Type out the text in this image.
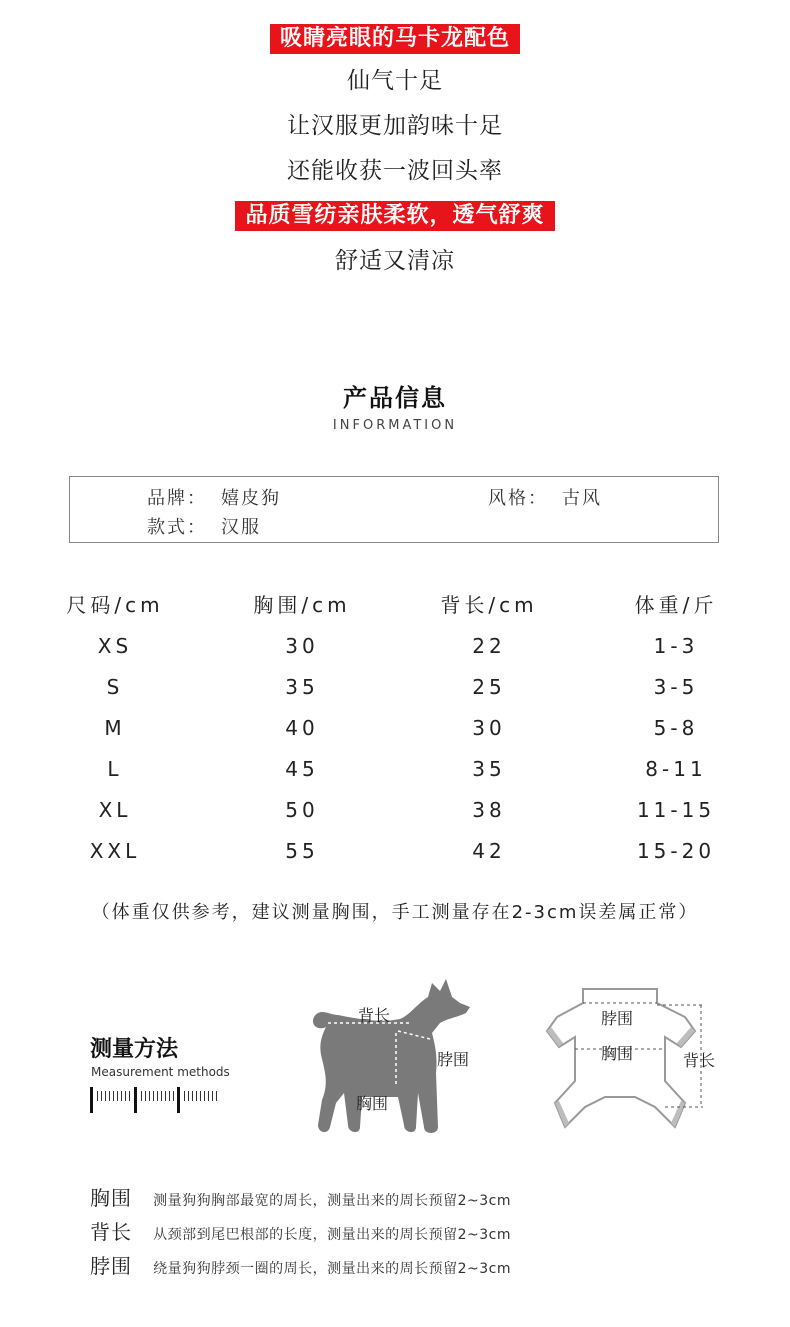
吸睛亮眼的马卡龙配色
仙气十足
让汉服更加韵味十足
还能收获一波回头率
品质雪纺亲肤柔软，透气舒爽
舒适又清凉
产品信息
INFORMATION
品牌： 嬉皮狗	风格： 古风
款式： 汉服
尺码/cm	胸围/cm	背长/cm	体重/斤
XS	30	22	1-3
S	35	25	3-5
M	40	30	5-8
L	45	35	8-11
XL	50	38	11-15
XXL	55	42	15-20
（体重仅供参考，建议测量胸围，手工测量存在2-3cm误差属正常）
测量方法
Measurement methods
背长
脖围
胸围
脖围
胸围	背长
胸围 测量狗狗胸部最宽的周长，测量出来的周长预留2~3cm
背长 从颈部到尾巴根部的长度，测量出来的周长预留2~3cm
脖围 绕量狗狗脖颈一圈的周长，测量出来的周长预留2~3cm
